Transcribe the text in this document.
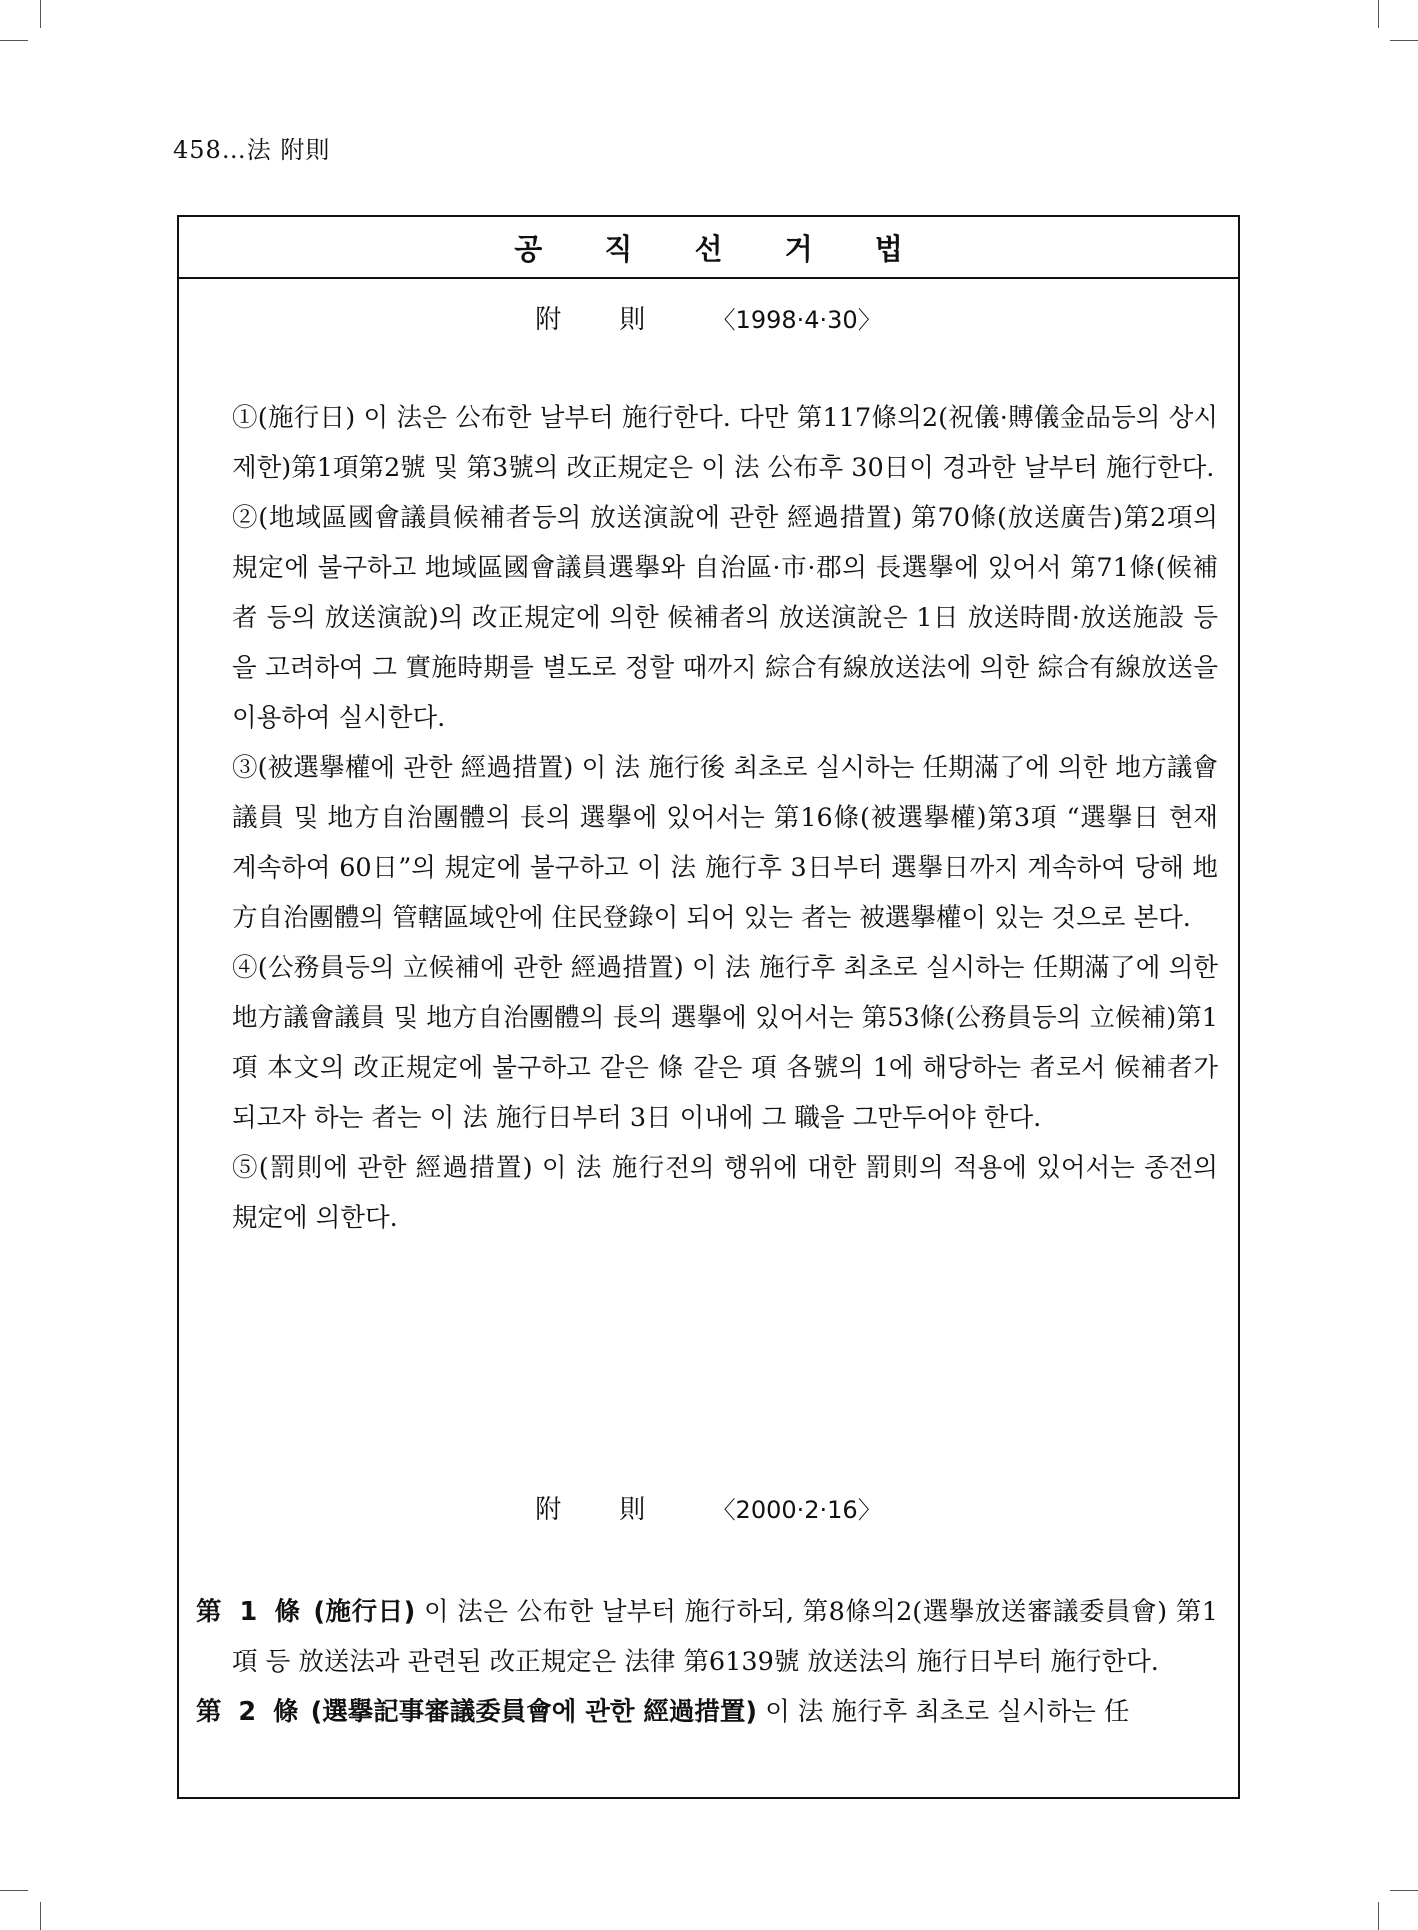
458…法 附則
공 직 선 거 법
附則 〈1998·4·30〉

①(施行日) 이 法은 公布한 날부터 施行한다. 다만 第117條의2(祝儀·賻儀金品등의 상시제한)第1項第2號 및 第3號의 改正規定은 이 法 公布후 30日이 경과한 날부터 施行한다.

②(地域區國會議員候補者등의 放送演說에 관한 經過措置) 第70條(放送廣告)第2項의 規定에 불구하고 地域區國會議員選擧와 自治區·市·郡의 長選擧에 있어서 第71條(候補者 등의 放送演說)의 改正規定에 의한 候補者의 放送演說은 1日 放送時間·放送施設 등을 고려하여 그 實施時期를 별도로 정할 때까지 綜合有線放送法에 의한 綜合有線放送을 이용하여 실시한다.

③(被選擧權에 관한 經過措置) 이 法 施行後 최초로 실시하는 任期滿了에 의한 地方議會議員 및 地方自治團體의 長의 選擧에 있어서는 第16條(被選擧權)第3項 “選擧日 현재 계속하여 60日”의 規定에 불구하고 이 法 施行후 3日부터 選擧日까지 계속하여 당해 地方自治團體의 管轄區域안에 住民登錄이 되어 있는 者는 被選擧權이 있는 것으로 본다.

④(公務員등의 立候補에 관한 經過措置) 이 法 施行후 최초로 실시하는 任期滿了에 의한 地方議會議員 및 地方自治團體의 長의 選擧에 있어서는 第53條(公務員등의 立候補)第1項 本文의 改正規定에 불구하고 같은 條 같은 項 各號의 1에 해당하는 者로서 候補者가 되고자 하는 者는 이 法 施行日부터 3日 이내에 그 職을 그만두어야 한다.

⑤(罰則에 관한 經過措置) 이 法 施行전의 행위에 대한 罰則의 적용에 있어서는 종전의 規定에 의한다.

附則 〈2000·2·16〉

第 1 條 (施行日) 이 法은 公布한 날부터 施行하되, 第8條의2(選擧放送審議委員會) 第1項 등 放送法과 관련된 改正規定은 法律 第6139號 放送法의 施行日부터 施行한다.

第 2 條 (選擧記事審議委員會에 관한 經過措置) 이 法 施行후 최초로 실시하는 任
